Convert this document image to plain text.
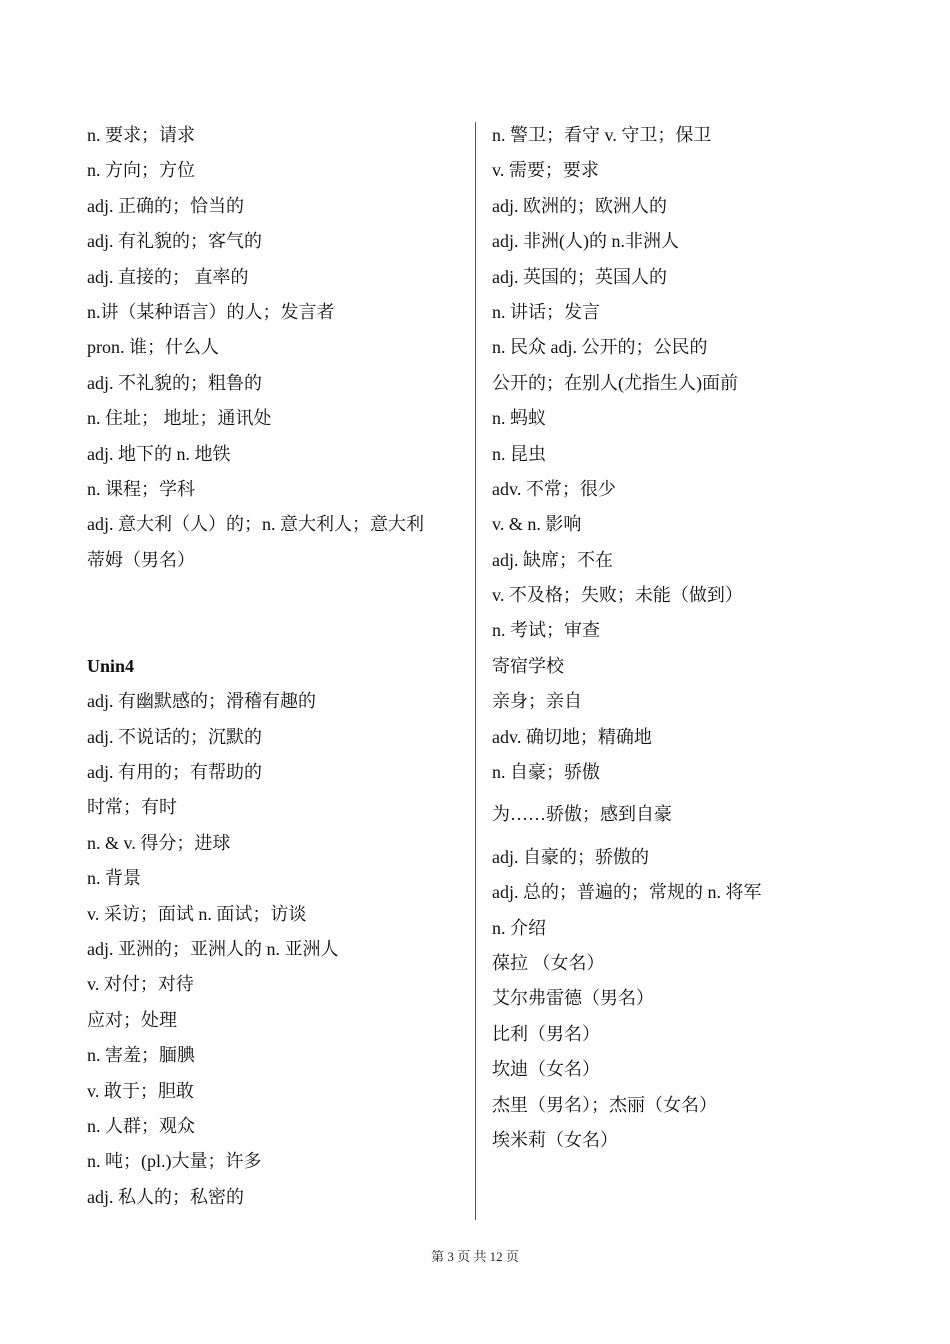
n. 要求；请求
n. 方向；方位
adj. 正确的；恰当的
adj. 有礼貌的；客气的
adj. 直接的； 直率的
n.讲（某种语言）的人；发言者
pron. 谁；什么人
adj. 不礼貌的；粗鲁的
n. 住址； 地址；通讯处
adj. 地下的 n. 地铁
n. 课程；学科
adj. 意大利（人）的；n. 意大利人；意大利
蒂姆（男名）
Unin4
adj. 有幽默感的；滑稽有趣的
adj. 不说话的；沉默的
adj. 有用的；有帮助的
时常；有时
n. & v. 得分；进球
n. 背景
v. 采访；面试 n. 面试；访谈
adj. 亚洲的；亚洲人的 n. 亚洲人
v. 对付；对待
应对；处理
n. 害羞；腼腆
v. 敢于；胆敢
n. 人群；观众
n. 吨；(pl.)大量；许多
adj. 私人的；私密的
n. 警卫；看守 v. 守卫；保卫
v. 需要；要求
adj. 欧洲的；欧洲人的
adj. 非洲(人)的 n.非洲人
adj. 英国的；英国人的
n. 讲话；发言
n. 民众 adj. 公开的；公民的
公开的；在别人(尤指生人)面前
n. 蚂蚁
n. 昆虫
adv. 不常；很少
v. & n. 影响
adj. 缺席；不在
v. 不及格；失败；未能（做到）
n. 考试；审查
寄宿学校
亲身；亲自
adv. 确切地；精确地
n. 自豪；骄傲
为……骄傲；感到自豪
adj. 自豪的；骄傲的
adj. 总的；普遍的；常规的 n. 将军
n. 介绍
葆拉 （女名）
艾尔弗雷德（男名）
比利（男名）
坎迪（女名）
杰里（男名）；杰丽（女名）
埃米莉（女名）
第 3 页 共 12 页
